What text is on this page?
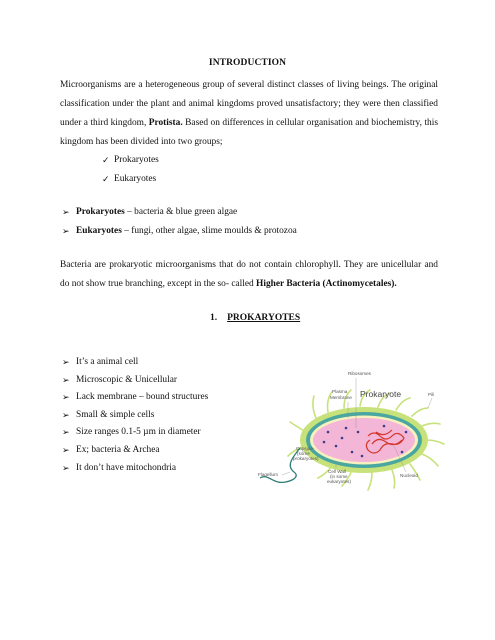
INTRODUCTION
Microorganisms are a heterogeneous group of several distinct classes of living beings. The original classification under the plant and animal kingdoms proved unsatisfactory; they were then classified under a third kingdom, Protista. Based on differences in cellular organisation and biochemistry, this kingdom has been divided into two groups;
✓ Prokaryotes
✓ Eukaryotes
➢ Prokaryotes – bacteria & blue green algae
➢ Eukaryotes – fungi, other algae, slime moulds & protozoa
Bacteria are prokaryotic microorganisms that do not contain chlorophyll. They are unicellular and do not show true branching, except in the so- called Higher Bacteria (Actinomycetales).
1. PROKARYOTES
➢ It’s a animal cell
➢ Microscopic & Unicellular
➢ Lack membrane – bound structures
➢ Small & simple cells
➢ Size ranges 0.1-5 µm in diameter
➢ Ex; bacteria & Archea
➢ It don’t have mitochondria
Ribosomes
Plasma
Membrane Prokaryote	Pili
Capsule
(some
prokaryotes)
Flagellum
Cell Wall
(in some
eukaryotes)
Nucleoid
